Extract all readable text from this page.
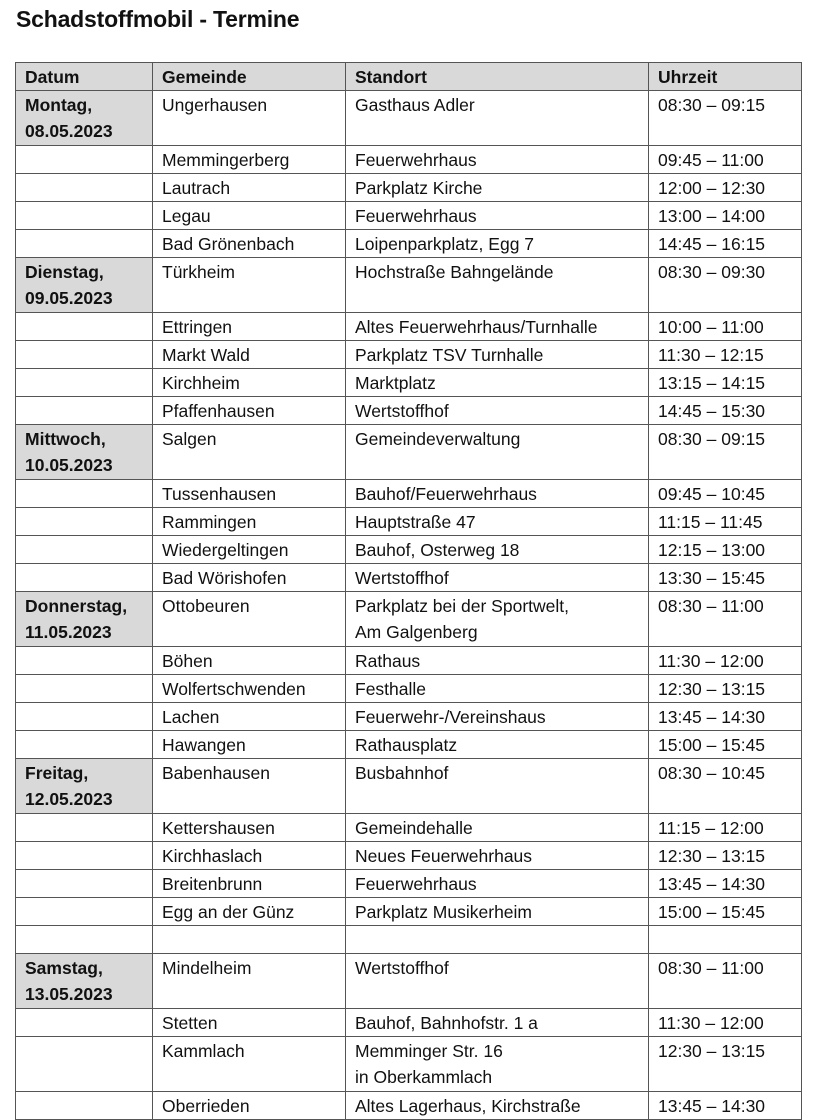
Schadstoffmobil - Termine
Datum	Gemeinde	Standort	Uhrzeit

Montag,
08.05.2023	Ungerhausen	Gasthaus Adler	08:30 – 09:15
	Memmingerberg	Feuerwehrhaus	09:45 – 11:00
	Lautrach	Parkplatz Kirche	12:00 – 12:30
	Legau	Feuerwehrhaus	13:00 – 14:00
	Bad Grönenbach	Loipenparkplatz, Egg 7	14:45 – 16:15

Dienstag,
09.05.2023	Türkheim	Hochstraße Bahngelände	08:30 – 09:30
	Ettringen	Altes Feuerwehrhaus/Turnhalle	10:00 – 11:00
	Markt Wald	Parkplatz TSV Turnhalle	11:30 – 12:15
	Kirchheim	Marktplatz	13:15 – 14:15
	Pfaffenhausen	Wertstoffhof	14:45 – 15:30

Mittwoch,
10.05.2023	Salgen	Gemeindeverwaltung	08:30 – 09:15
	Tussenhausen	Bauhof/Feuerwehrhaus	09:45 – 10:45
	Rammingen	Hauptstraße 47	11:15 – 11:45
	Wiedergeltingen	Bauhof, Osterweg 18	12:15 – 13:00
	Bad Wörishofen	Wertstoffhof	13:30 – 15:45

Donnerstag,
11.05.2023	Ottobeuren	Parkplatz bei der Sportwelt,
Am Galgenberg	08:30 – 11:00
	Böhen	Rathaus	11:30 – 12:00
	Wolfertschwenden	Festhalle	12:30 – 13:15
	Lachen	Feuerwehr-/Vereinshaus	13:45 – 14:30
	Hawangen	Rathausplatz	15:00 – 15:45

Freitag,
12.05.2023	Babenhausen	Busbahnhof	08:30 – 10:45
	Kettershausen	Gemeindehalle	11:15 – 12:00
	Kirchhaslach	Neues Feuerwehrhaus	12:30 – 13:15
	Breitenbrunn	Feuerwehrhaus	13:45 – 14:30
	Egg an der Günz	Parkplatz Musikerheim	15:00 – 15:45

Samstag,
13.05.2023	Mindelheim	Wertstoffhof	08:30 – 11:00
	Stetten	Bauhof, Bahnhofstr. 1 a	11:30 – 12:00
	Kammlach	Memminger Str. 16
in Oberkammlach	12:30 – 13:15
	Oberrieden	Altes Lagerhaus, Kirchstraße	13:45 – 14:30
